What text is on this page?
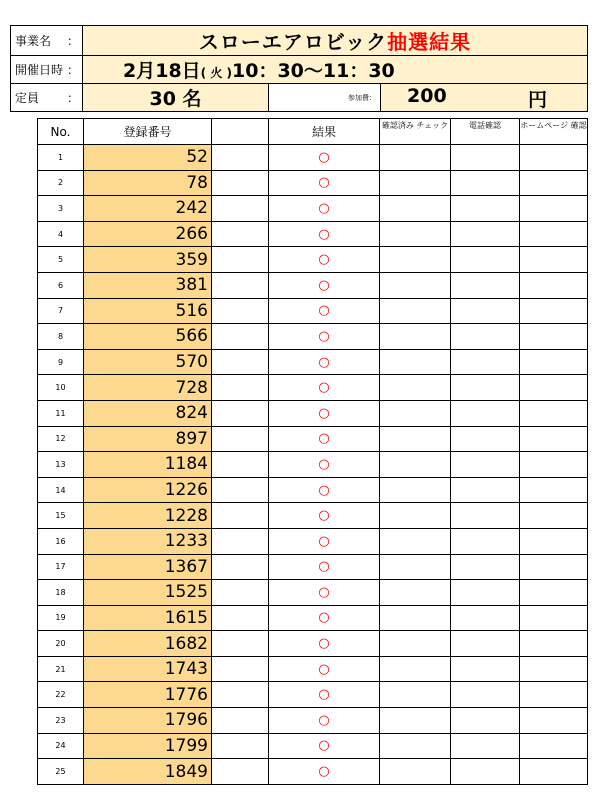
事業名 ：	スローエアロビック抽選結果		
開催日時 ：	2月18日( 火 )10：30～11：30		
定員 ：	30 名	参加費：	200 円
No.	登録番号		結果	確認済み チェック	電話確認	ホームページ 確認
1	52		○			
2	78		○			
3	242		○			
4	266		○			
5	359		○			
6	381		○			
7	516		○			
8	566		○			
9	570		○			
10	728		○			
11	824		○			
12	897		○			
13	1184		○			
14	1226		○			
15	1228		○			
16	1233		○			
17	1367		○			
18	1525		○			
19	1615		○			
20	1682		○			
21	1743		○			
22	1776		○			
23	1796		○			
24	1799		○			
25	1849		○			
